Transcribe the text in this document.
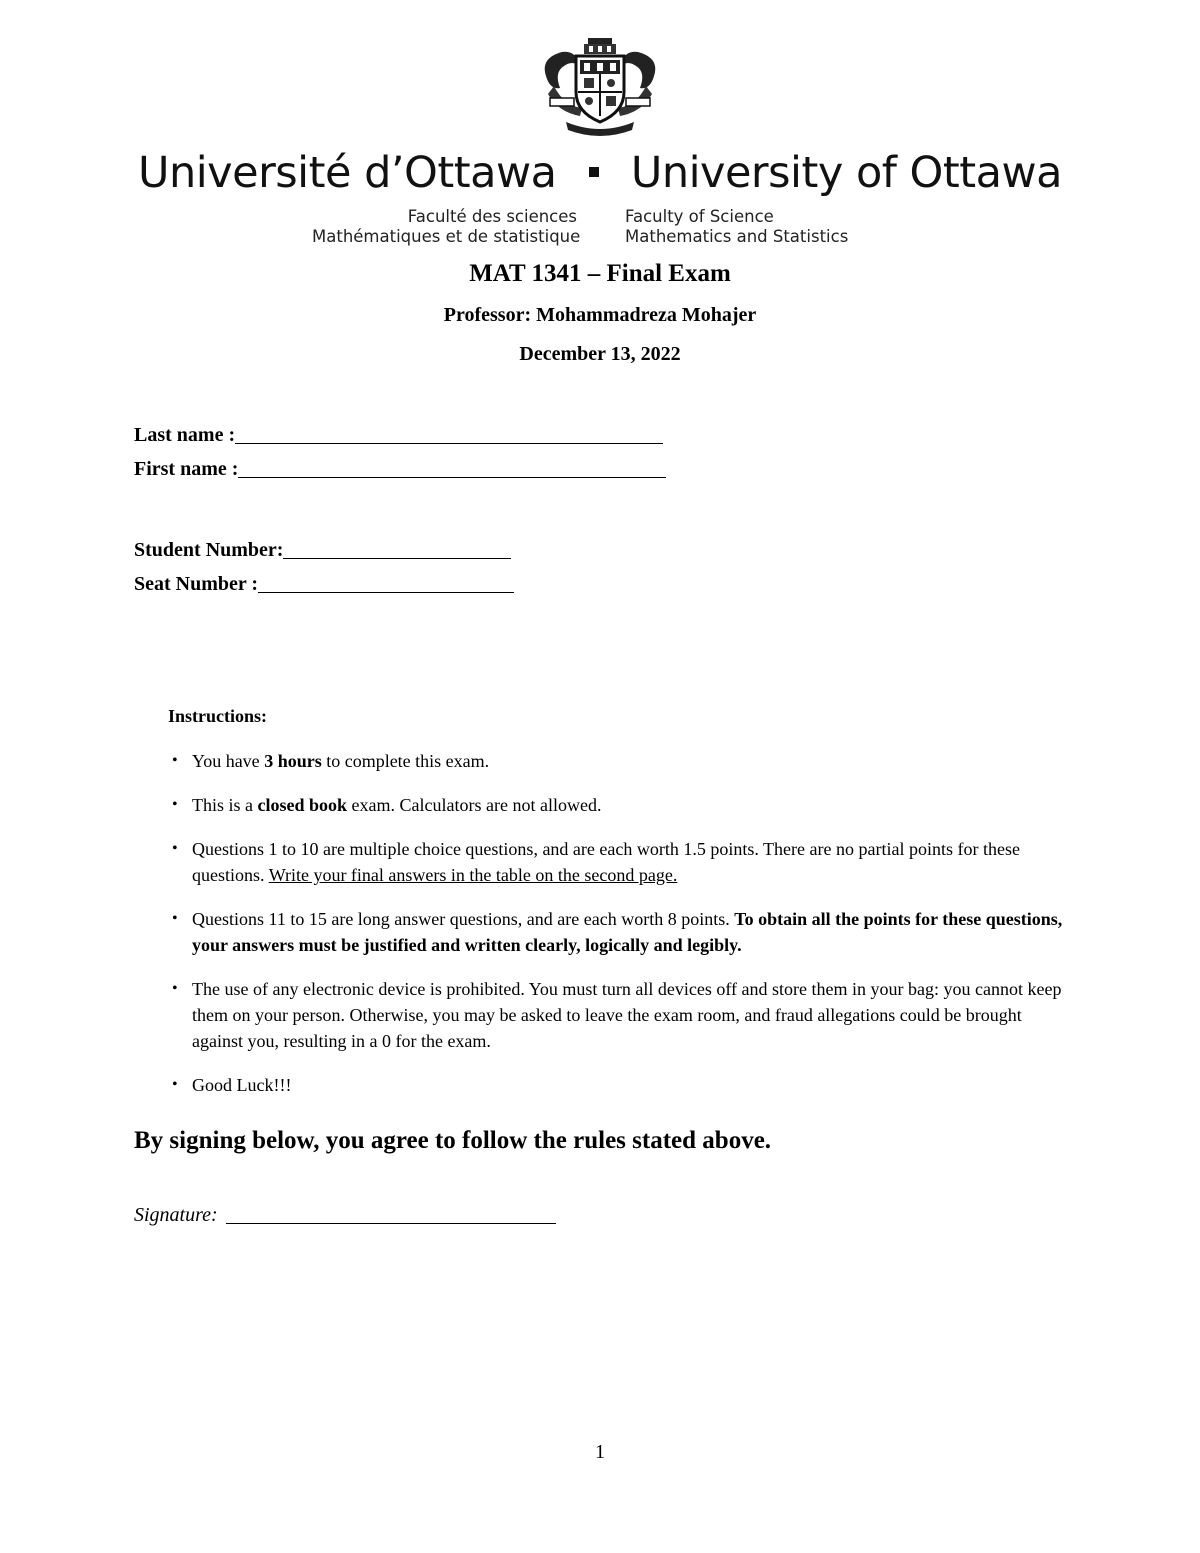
Université d’Ottawa University of Ottawa
Faculté des sciences
Mathématiques et de statistique
Faculty of Science
Mathematics and Statistics
MAT 1341 – Final Exam
Professor: Mohammadreza Mohajer
December 13, 2022
Last name :
First name :
Student Number:
Seat Number :
Instructions:
• You have 3 hours to complete this exam.
• This is a closed book exam. Calculators are not allowed.
• Questions 1 to 10 are multiple choice questions, and are each worth 1.5 points. There are no partial points for these questions. Write your final answers in the table on the second page.
• Questions 11 to 15 are long answer questions, and are each worth 8 points. To obtain all the points for these questions, your answers must be justified and written clearly, logically and legibly.
• The use of any electronic device is prohibited. You must turn all devices off and store them in your bag: you cannot keep them on your person. Otherwise, you may be asked to leave the exam room, and fraud allegations could be brought against you, resulting in a 0 for the exam.
• Good Luck!!!
By signing below, you agree to follow the rules stated above.
Signature:
1
